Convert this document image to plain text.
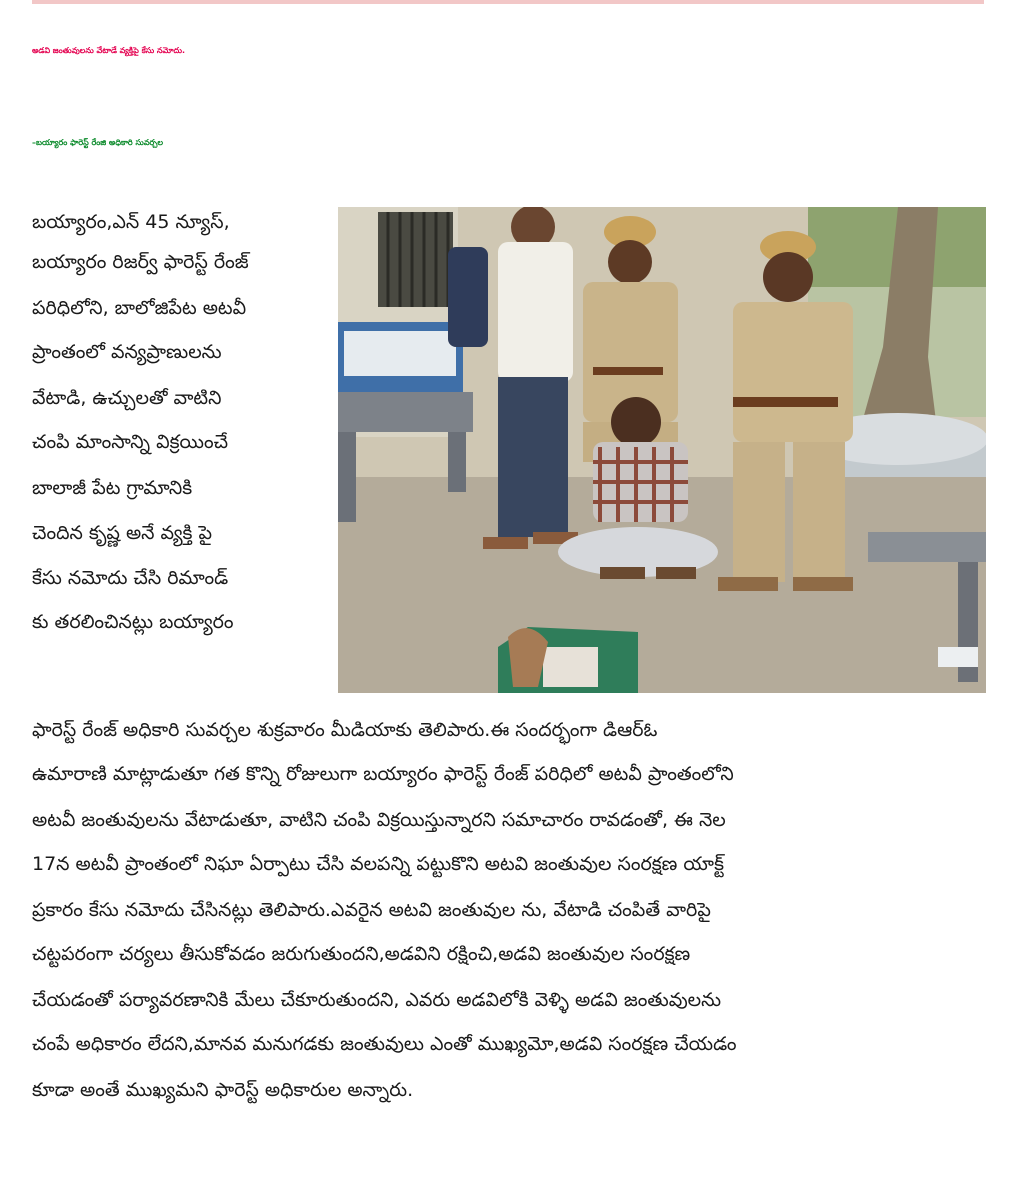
అడవి జంతువులను వేటాడే వ్యక్తిపై కేసు నమోదు.
–బయ్యారం ఫారెస్ట్ రేంజి అధికారి సువర్చల
బయ్యారం,ఎన్ 45 న్యూస్,
బయ్యారం రిజర్వ్ ఫారెస్ట్ రేంజ్
పరిధిలోని, బాలోజిపేట అటవీ
ప్రాంతంలో వన్యప్రాణులను
వేటాడి, ఉచ్చులతో వాటిని
చంపి మాంసాన్ని విక్రయించే
బాలాజీ పేట గ్రామానికి
చెందిన కృష్ణ అనే వ్యక్తి పై
కేసు నమోదు చేసి రిమాండ్
కు తరలించినట్లు బయ్యారం
ఫారెస్ట్ రేంజ్ అధికారి సువర్చల శుక్రవారం మీడియాకు తెలిపారు.ఈ సందర్భంగా డిఆర్ఓ
ఉమారాణి మాట్లాడుతూ గత కొన్ని రోజులుగా బయ్యారం ఫారెస్ట్ రేంజ్ పరిధిలో అటవీ ప్రాంతంలోని
అటవీ జంతువులను వేటాడుతూ, వాటిని చంపి విక్రయిస్తున్నారని సమాచారం రావడంతో, ఈ నెల
17న అటవీ ప్రాంతంలో నిఘా ఏర్పాటు చేసి వలపన్ని పట్టుకొని అటవి జంతువుల సంరక్షణ యాక్ట్
ప్రకారం కేసు నమోదు చేసినట్లు తెలిపారు.ఎవరైన అటవి జంతువుల ను, వేటాడి చంపితే వారిపై
చట్టపరంగా చర్యలు తీసుకోవడం జరుగుతుందని,అడవిని రక్షించి,అడవి జంతువుల సంరక్షణ
చేయడంతో పర్యావరణానికి మేలు చేకూరుతుందని, ఎవరు అడవిలోకి వెళ్ళి అడవి జంతువులను
చంపే అధికారం లేదని,మానవ మనుగడకు జంతువులు ఎంతో ముఖ్యమో,అడవి సంరక్షణ చేయడం
కూడా అంతే ముఖ్యమని ఫారెస్ట్ అధికారుల అన్నారు.
